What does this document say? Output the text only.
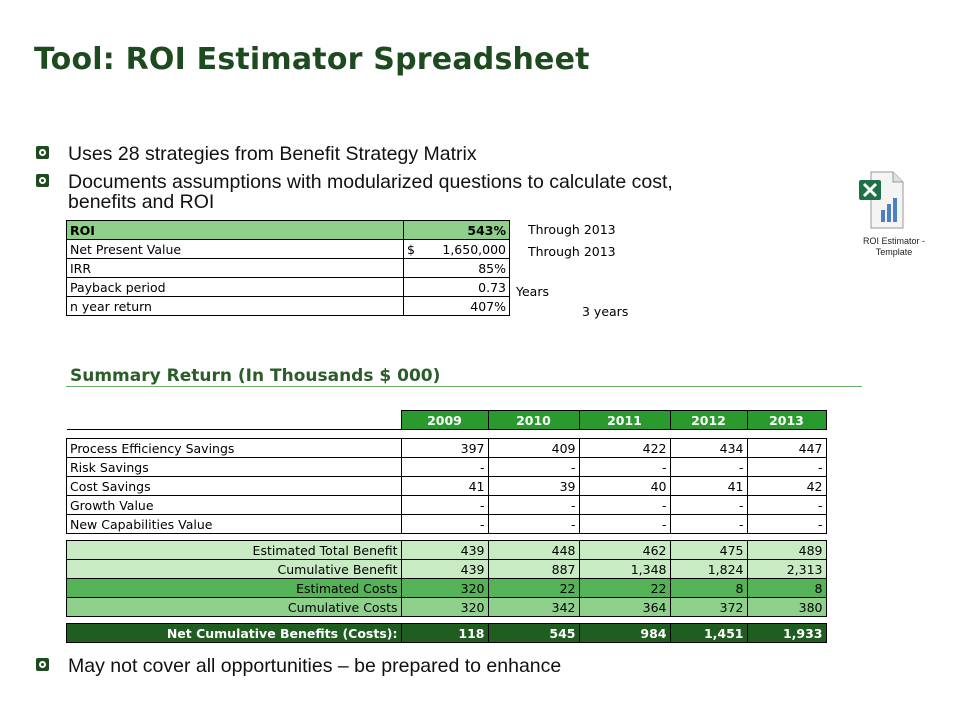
Tool: ROI Estimator Spreadsheet
Uses 28 strategies from Benefit Strategy Matrix
Documents assumptions with modularized questions to calculate cost,
benefits and ROI
ROI Estimator -
Template
ROI	543%
Net Present Value	$ 1,650,000

IRR	85%
Payback period	0.73
n year return	407%
Through 2013
Through 2013
Years
3 years
Summary Return (In Thousands $ 000)
	2009	2010	2011	2012	2013

Process Efficiency Savings	397	409	422	434	447
Risk Savings	-	-	-	-	-
Cost Savings	41	39	40	41	42
Growth Value	-	-	-	-	-
New Capabilities Value	-	-	-	-	-

Estimated Total Benefit	439	448	462	475	489
Cumulative Benefit	439	887	1,348	1,824	2,313
Estimated Costs	320	22	22	8	8
Cumulative Costs	320	342	364	372	380

Net Cumulative Benefits (Costs):	118	545	984	1,451	1,933
May not cover all opportunities – be prepared to enhance
